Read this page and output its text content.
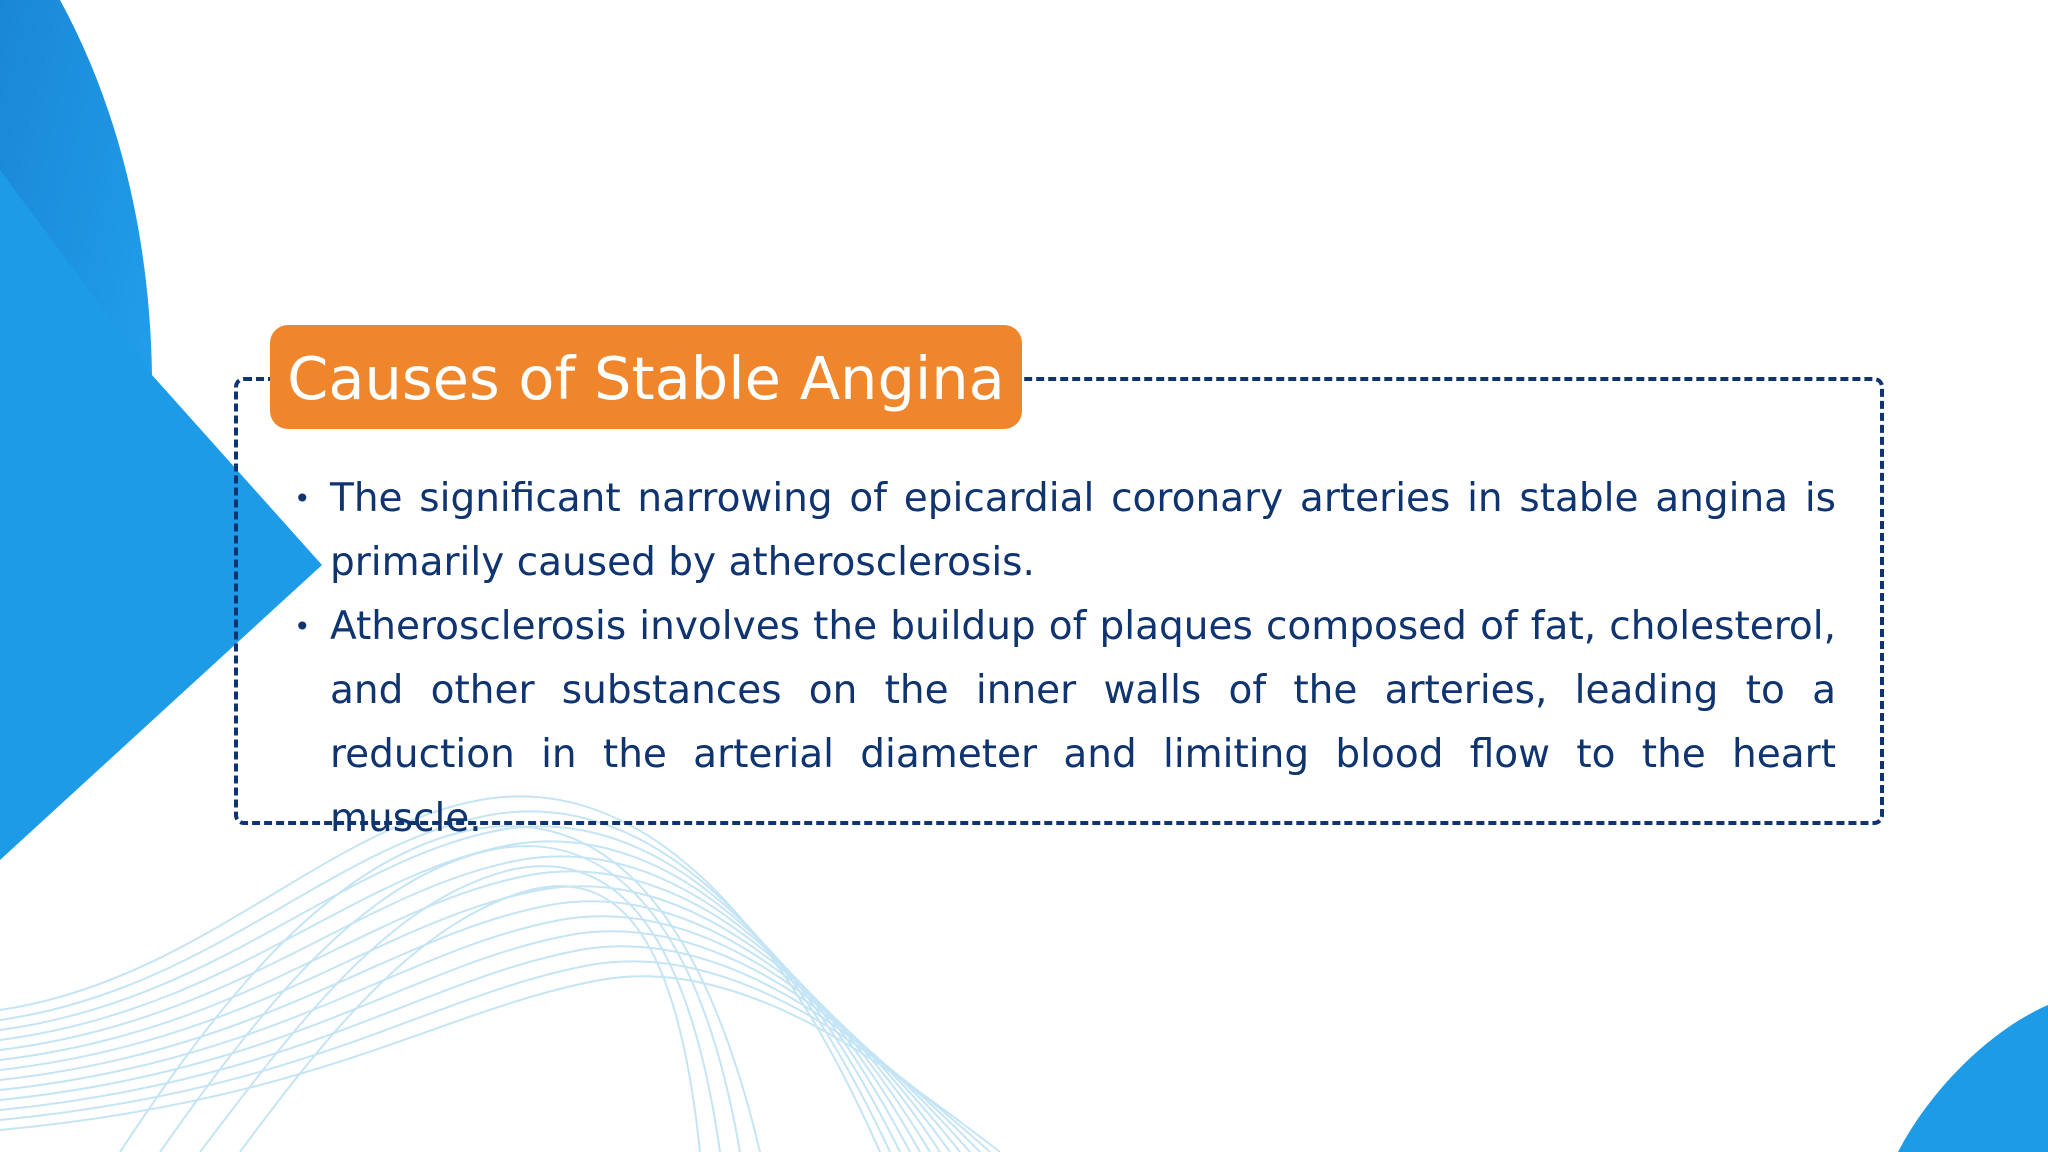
Causes of Stable Angina

• The significant narrowing of epicardial coronary arteries in stable angina is primarily caused by atherosclerosis.
• Atherosclerosis involves the buildup of plaques composed of fat, cholesterol, and other substances on the inner walls of the arteries, leading to a reduction in the arterial diameter and limiting blood flow to the heart muscle.
